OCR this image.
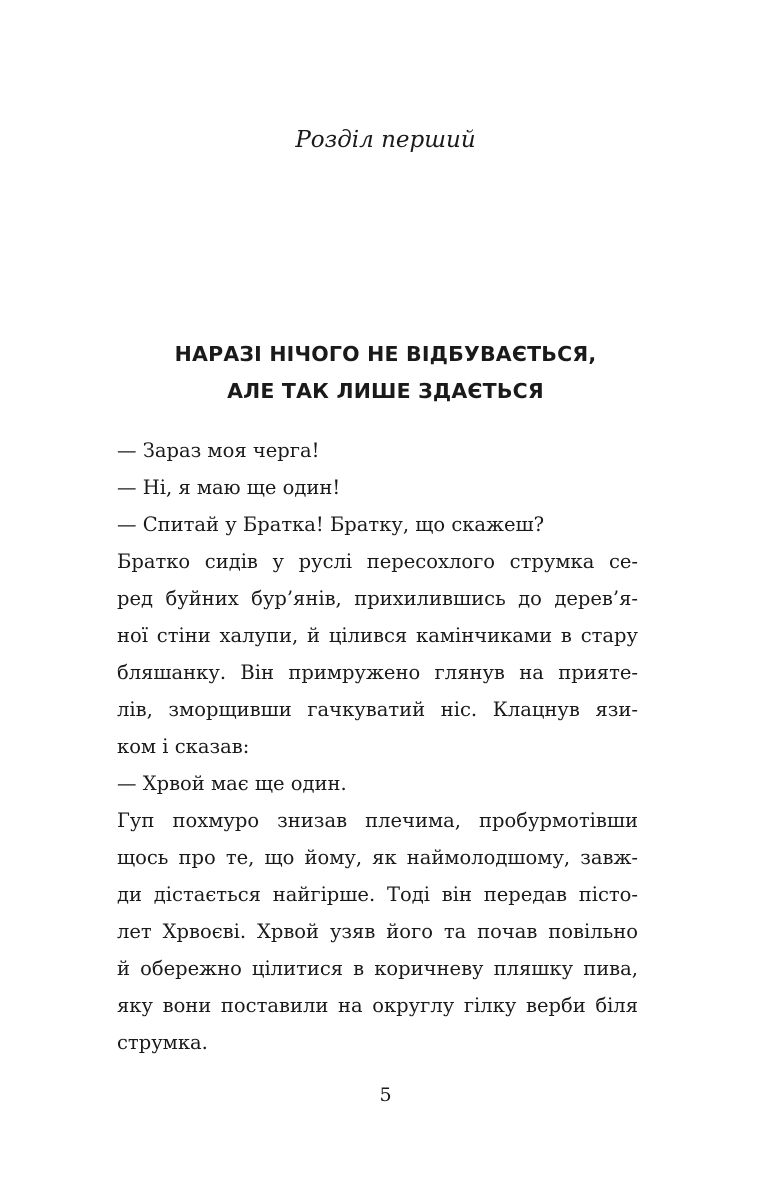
Розділ перший
НАРАЗІ НІЧОГО НЕ ВІДБУВАЄТЬСЯ,
АЛЕ ТАК ЛИШЕ ЗДАЄТЬСЯ
— Зараз моя черга!
— Ні, я маю ще один!
— Спитай у Братка! Братку, що скажеш?
Братко сидів у руслі пересохлого струмка се-
ред буйних бур’янів, прихилившись до дерев’я-
ної стіни халупи, й цілився камінчиками в стару
бляшанку. Він примружено глянув на прияте-
лів, зморщивши гачкуватий ніс. Клацнув язи-
ком і сказав:
— Хрвой має ще один.
Гуп похмуро знизав плечима, пробурмотівши
щось про те, що йому, як наймолодшому, завж-
ди дістається найгірше. Тоді він передав пісто-
лет Хрвоєві. Хрвой узяв його та почав повільно
й обережно цілитися в коричневу пляшку пива,
яку вони поставили на округлу гілку верби біля
струмка.
5
